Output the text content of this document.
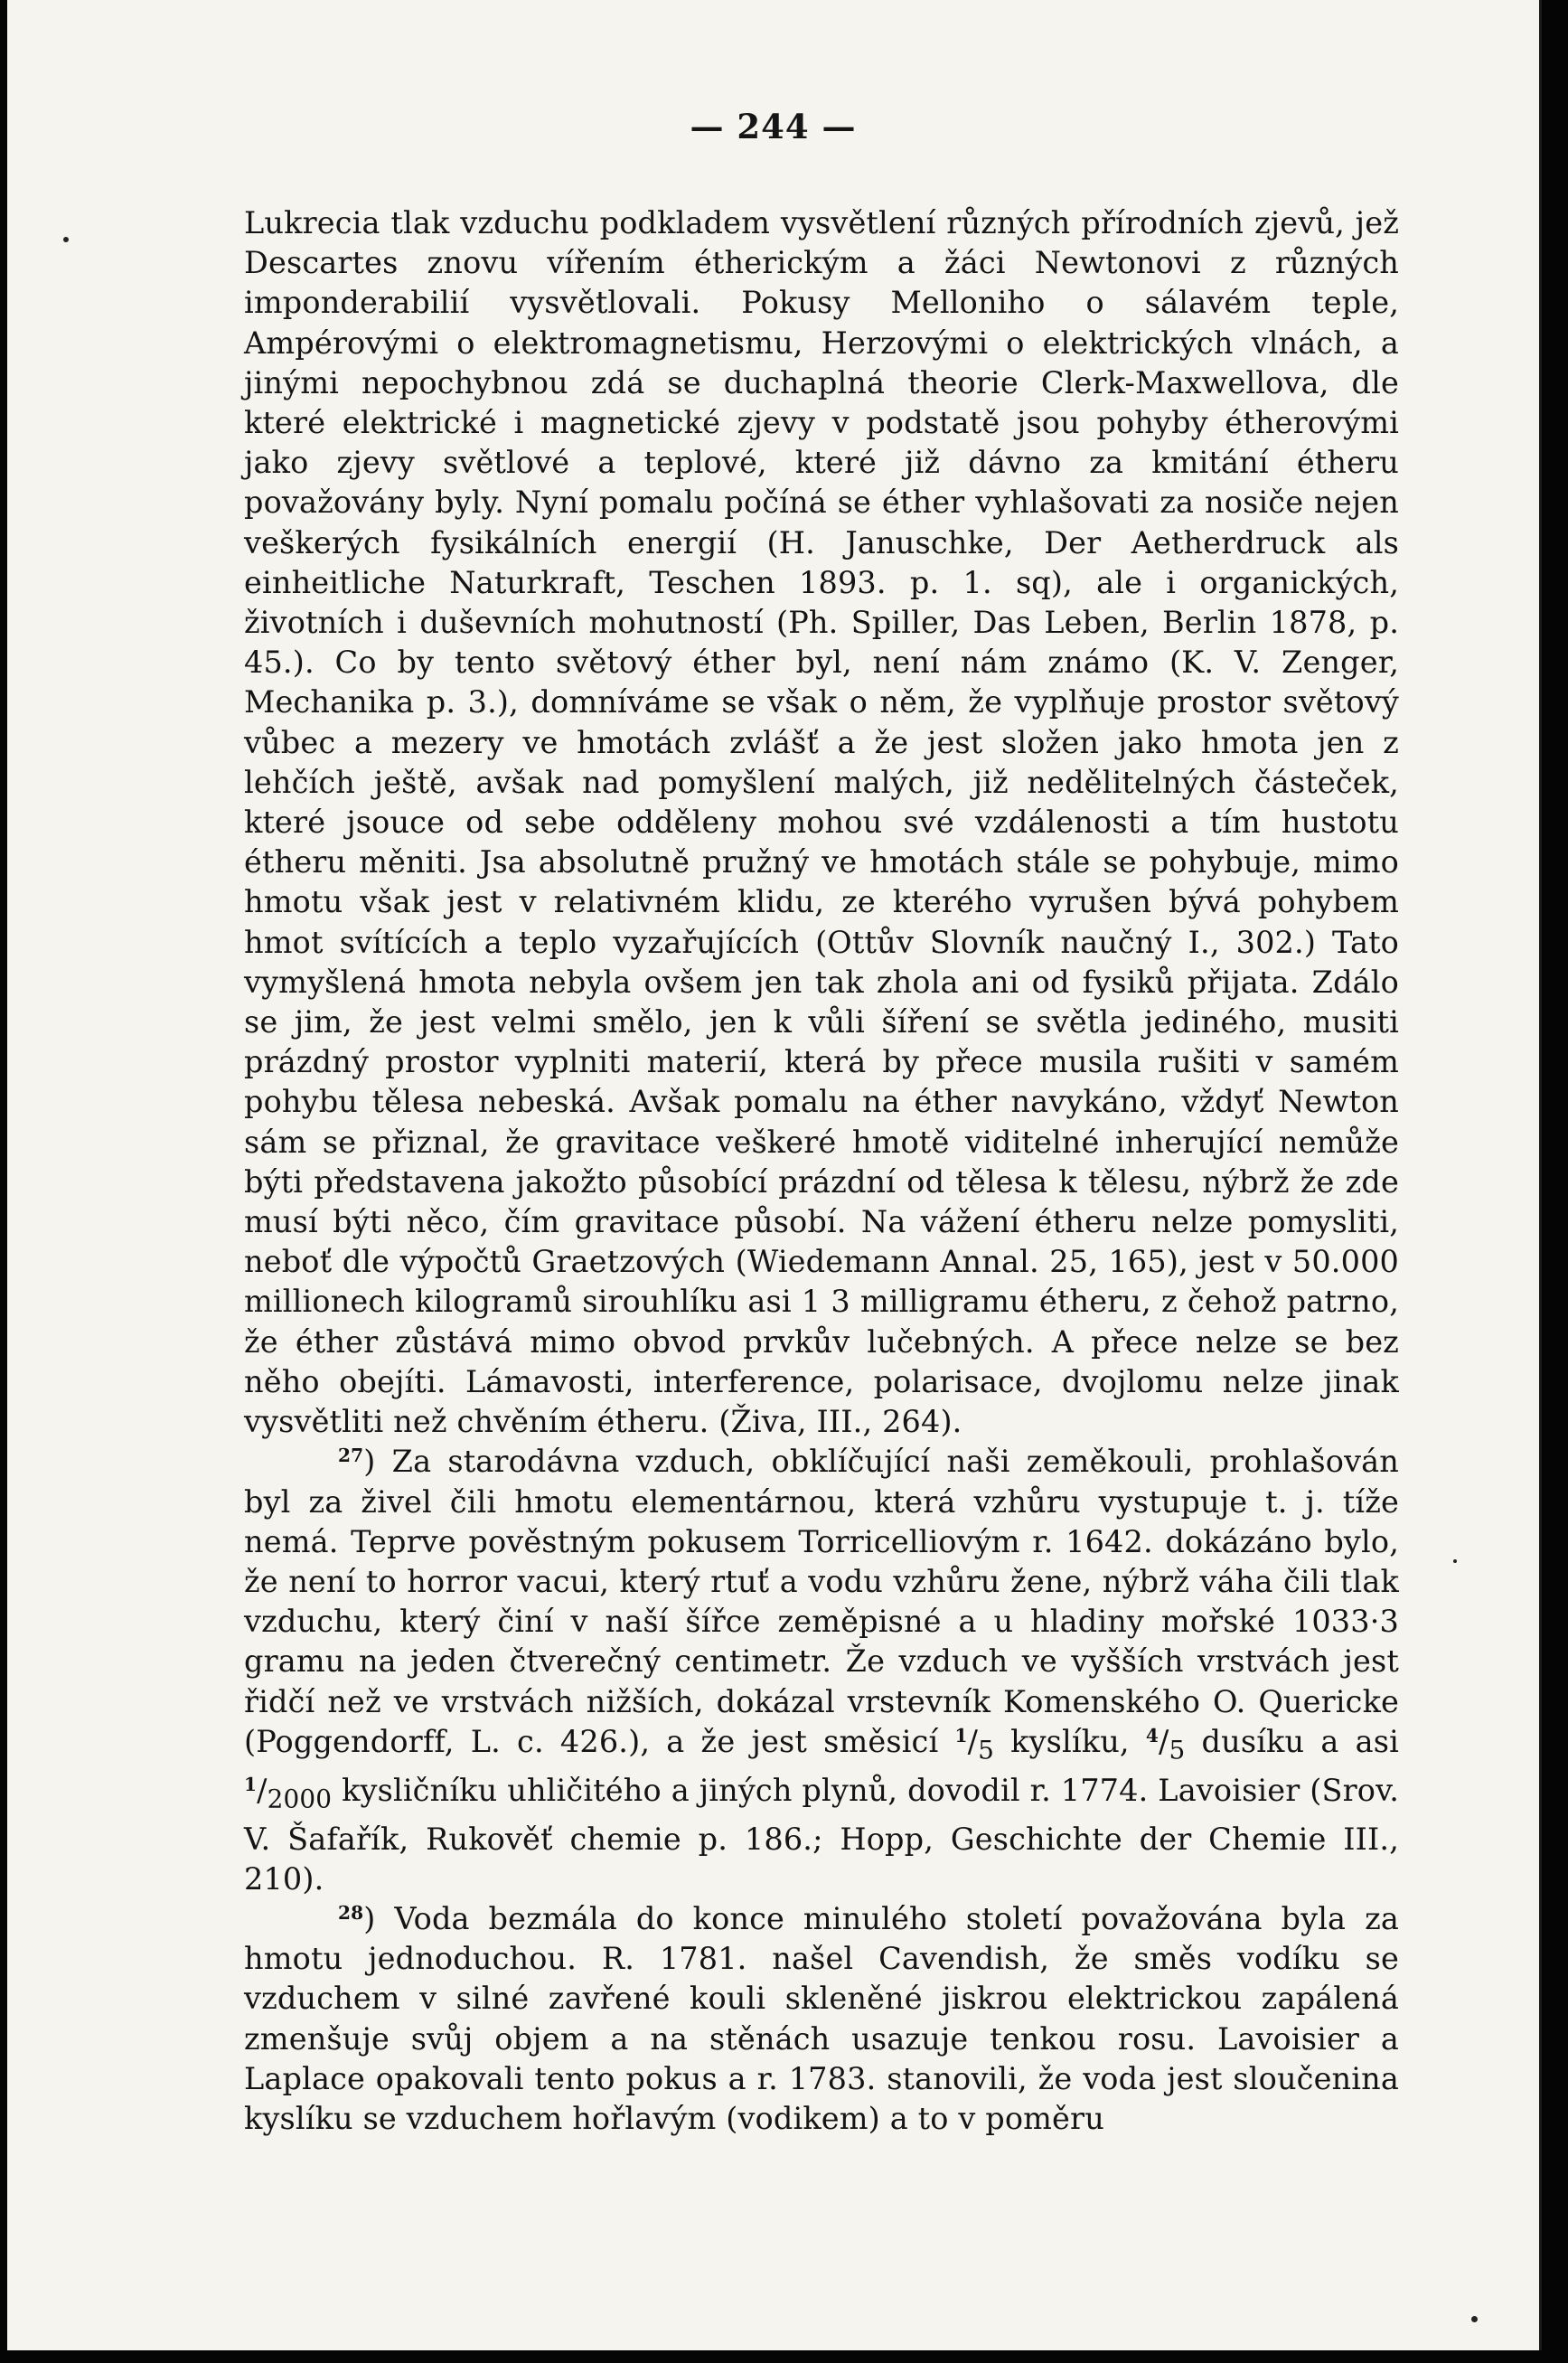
— 244 —

Lukrecia tlak vzduchu podkladem vysvětlení různých přírodních zjevů, jež Descartes znovu vířením étherickým a žáci Newtonovi z různých imponderabilií vysvětlovali. Pokusy Melloniho o sálavém teple, Ampérovými o elektromagnetismu, Herzovými o elektrických vlnách, a jinými nepochybnou zdá se duchaplná theorie Clerk-Maxwellova, dle které elektrické i magnetické zjevy v podstatě jsou pohyby étherovými jako zjevy světlové a teplové, které již dávno za kmitání étheru považovány byly. Nyní pomalu počíná se éther vyhlašovati za nosiče nejen veškerých fysikálních energií (H. Januschke, Der Aetherdruck als einheitliche Naturkraft, Teschen 1893. p. 1. sq), ale i organických, životních i duševních mohutností (Ph. Spiller, Das Leben, Berlin 1878, p. 45.). Co by tento světový éther byl, není nám známo (K. V. Zenger, Mechanika p. 3.), domníváme se však o něm, že vyplňuje prostor světový vůbec a mezery ve hmotách zvlášť a že jest složen jako hmota jen z lehčích ještě, avšak nad pomyšlení malých, již nedělitelných částeček, které jsouce od sebe odděleny mohou své vzdálenosti a tím hustotu étheru měniti. Jsa absolutně pružný ve hmotách stále se pohybuje, mimo hmotu však jest v relativném klidu, ze kterého vyrušen bývá pohybem hmot svítících a teplo vyzařujících (Ottův Slovník naučný I., 302.) Tato vymyšlená hmota nebyla ovšem jen tak zhola ani od fysiků přijata. Zdálo se jim, že jest velmi smělo, jen k vůli šíření se světla jediného, musiti prázdný prostor vyplniti materií, která by přece musila rušiti v samém pohybu tělesa nebeská. Avšak pomalu na éther navykáno, vždyť Newton sám se přiznal, že gravitace veškeré hmotě viditelné inherující nemůže býti představena jakožto působící prázdní od tělesa k tělesu, nýbrž že zde musí býti něco, čím gravitace působí. Na vážení étheru nelze pomysliti, neboť dle výpočtů Graetzových (Wiedemann Annal. 25, 165), jest v 50.000 millionech kilogramů sirouhlíku asi 1 3 milligramu étheru, z čehož patrno, že éther zůstává mimo obvod prvkův lučebných. A přece nelze se bez něho obejíti. Lámavosti, interference, polarisace, dvojlomu nelze jinak vysvětliti než chvěním étheru. (Živa, III., 264).

$^{27}$) Za starodávna vzduch, obklíčující naši zeměkouli, prohlašován byl za živel čili hmotu elementárnou, která vzhůru vystupuje t. j. tíže nemá. Teprve pověstným pokusem Torricelliovým r. 1642. dokázáno bylo, že není to horror vacui, který rtuť a vodu vzhůru žene, nýbrž váha čili tlak vzduchu, který činí v naší šířce zeměpisné a u hladiny mořské 1033·3 gramu na jeden čtverečný centimetr. Že vzduch ve vyšších vrstvách jest řidčí než ve vrstvách nižších, dokázal vrstevník Komenského O. Quericke (Poggendorff, L. c. 426.), a že jest směsicí $^1/_5$ kyslíku, $^4/_5$ dusíku a asi $^1/_{2000}$ kysličníku uhličitého a jiných plynů, dovodil r. 1774. Lavoisier (Srov. V. Šafařík, Rukověť chemie p. 186.; Hopp, Geschichte der Chemie III., 210).

$^{28}$) Voda bezmála do konce minulého století považována byla za hmotu jednoduchou. R. 1781. našel Cavendish, že směs vodíku se vzduchem v silné zavřené kouli skleněné jiskrou elektrickou zapálená zmenšuje svůj objem a na stěnách usazuje tenkou rosu. Lavoisier a Laplace opakovali tento pokus a r. 1783. stanovili, že voda jest sloučenina kyslíku se vzduchem hořlavým (vodikem) a to v poměru
